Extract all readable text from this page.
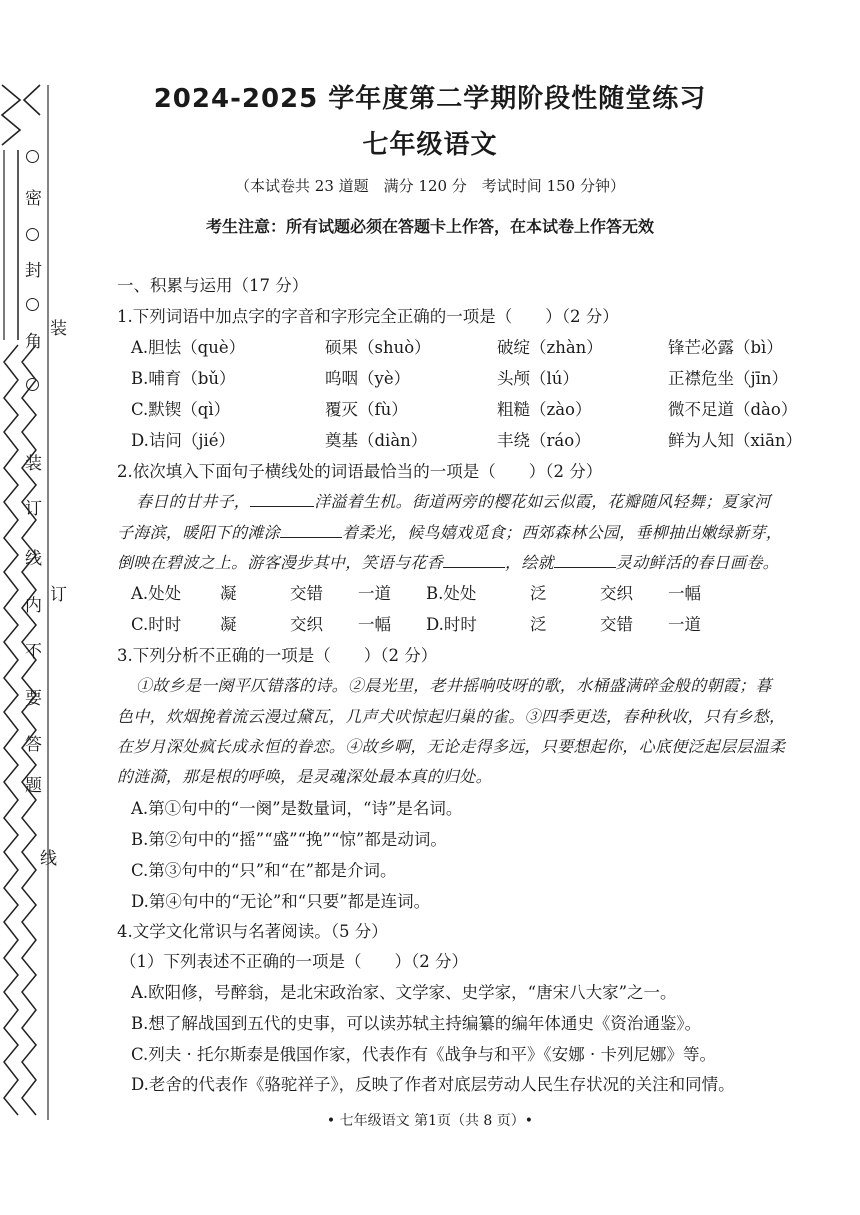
密
封
角
装
装
订
线
内
订
不
要
答
题
线
2024-2025 学年度第二学期阶段性随堂练习
七年级语文
（本试卷共 23 道题　满分 120 分　考试时间 150 分钟）
考生注意：所有试题必须在答题卡上作答，在本试卷上作答无效
一、积累与运用（17 分）
1.下列词语中加点字的字音和字形完全正确的一项是（　　）（2 分）
A.胆怯（què）	硕果（shuò）	破绽（zhàn）	锋芒必露（bì）
B.哺育（bǔ）	呜咽（yè）	头颅（lú）	正襟危坐（jīn）
C.默锲（qì）	覆灭（fù）	粗糙（zào）	微不足道（dào）
D.诘问（jié）	奠基（diàn）	丰绕（ráo）	鲜为人知（xiān）
2.依次填入下面句子横线处的词语最恰当的一项是（　　）（2 分）
春日的甘井子，	洋溢着生机。街道两旁的樱花如云似霞，花瓣随风轻舞；夏家河
子海滨，暖阳下的滩涂	着柔光，候鸟嬉戏觅食；西郊森林公园，垂柳抽出嫩绿新芽，
倒映在碧波之上。游客漫步其中，笑语与花香	，绘就	灵动鲜活的春日画卷。
A.处处 凝	交错 一道 B.处处	泛	交织 一幅
C.时时 凝	交织 一幅 D.时时	泛	交错 一道
3.下列分析不正确的一项是（　　）（2 分）
①故乡是一阕平仄错落的诗。②晨光里，老井摇响吱呀的歌，水桶盛满碎金般的朝霞；暮
色中，炊烟挽着流云漫过黛瓦，几声犬吠惊起归巢的雀。③四季更迭，春种秋收，只有乡愁，
在岁月深处疯长成永恒的眷恋。④故乡啊，无论走得多远，只要想起你，心底便泛起层层温柔
的涟漪，那是根的呼唤，是灵魂深处最本真的归处。
A.第①句中的“一阕”是数量词，“诗”是名词。
B.第②句中的“摇”“盛”“挽”“惊”都是动词。
C.第③句中的“只”和“在”都是介词。
D.第④句中的“无论”和“只要”都是连词。
4.文学文化常识与名著阅读。（5 分）
（1）下列表述不正确的一项是（　　）（2 分）
A.欧阳修，号醉翁，是北宋政治家、文学家、史学家，“唐宋八大家”之一。
B.想了解战国到五代的史事，可以读苏轼主持编纂的编年体通史《资治通鉴》。
C.列夫 · 托尔斯泰是俄国作家，代表作有《战争与和平》《安娜 · 卡列尼娜》等。
D.老舍的代表作《骆驼祥子》，反映了作者对底层劳动人民生存状况的关注和同情。
• 七年级语文 第1页（共 8 页）•
